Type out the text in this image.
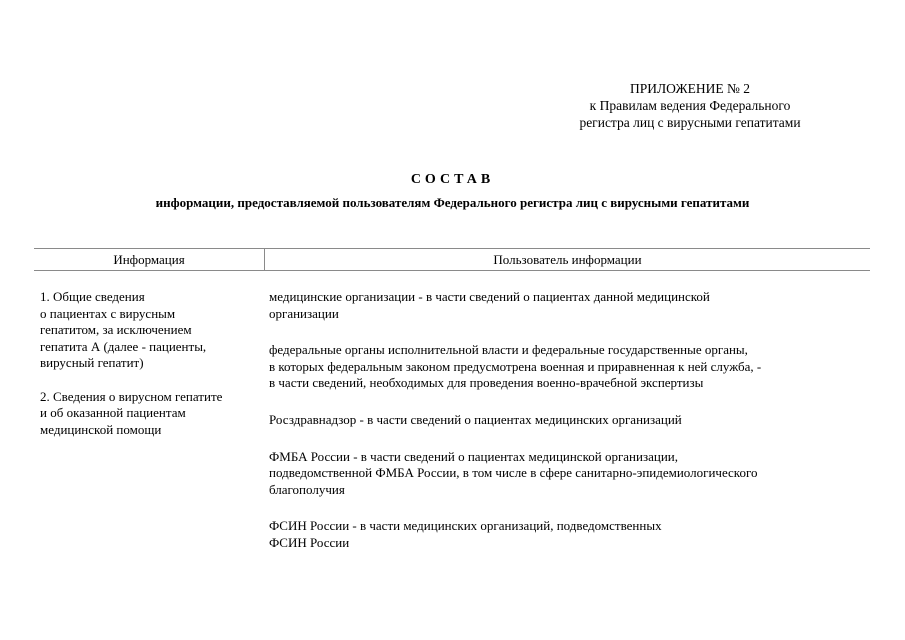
ПРИЛОЖЕНИЕ № 2
к Правилам ведения Федерального
регистра лиц с вирусными гепатитами
СОСТАВ
информации, предоставляемой пользователям Федерального регистра лиц с вирусными гепатитами
Информация	Пользователь информации
1. Общие сведения
о пациентах с вирусным
гепатитом, за исключением
гепатита А (далее - пациенты,
вирусный гепатит)
2. Сведения о вирусном гепатите
и об оказанной пациентам
медицинской помощи
медицинские организации - в части сведений о пациентах данной медицинской
организации
федеральные органы исполнительной власти и федеральные государственные органы,
в которых федеральным законом предусмотрена военная и приравненная к ней служба, -
в части сведений, необходимых для проведения военно-врачебной экспертизы
Росздравнадзор - в части сведений о пациентах медицинских организаций
ФМБА России - в части сведений о пациентах медицинской организации,
подведомственной ФМБА России, в том числе в сфере санитарно-эпидемиологического
благополучия
ФСИН России - в части медицинских организаций, подведомственных
ФСИН России
